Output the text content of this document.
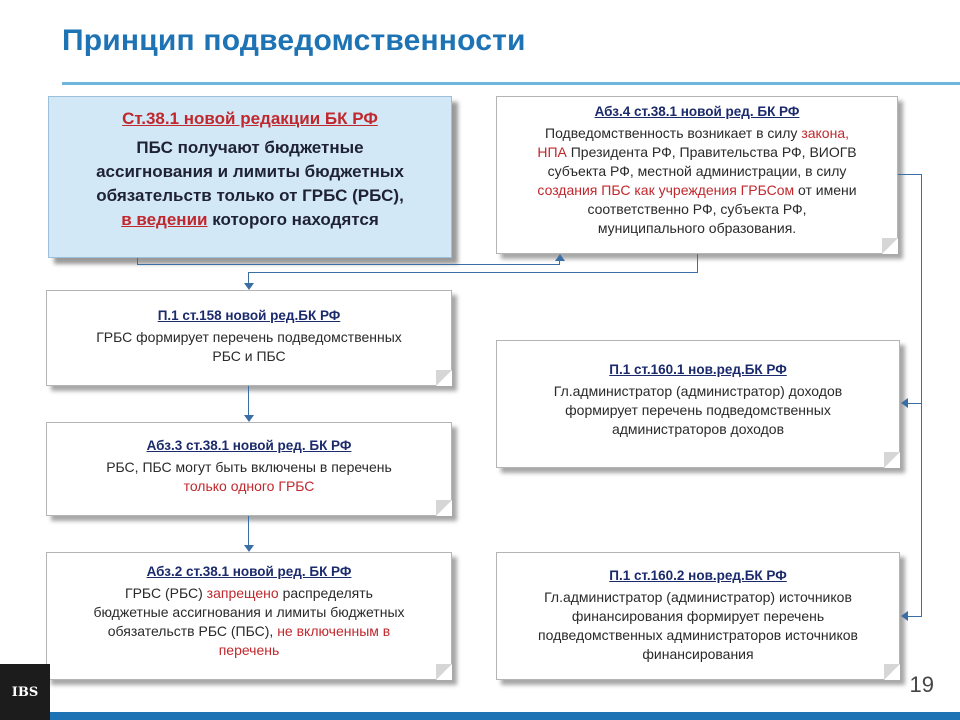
Принцип подведомственности
Ст.38.1 новой редакции БК РФ
ПБС получают бюджетные
ассигнования и лимиты бюджетных
обязательств только от ГРБС (РБС),
в ведении которого находятся
Абз.4 ст.38.1 новой ред. БК РФ
Подведомственность возникает в силу закона,
НПА Президента РФ, Правительства РФ, ВИОГВ
субъекта РФ, местной администрации, в силу
создания ПБС как учреждения ГРБСом от имени
соответственно РФ, субъекта РФ,
муниципального образования.
П.1 ст.158 новой ред.БК РФ
ГРБС формирует перечень подведомственных
РБС и ПБС
Абз.3 ст.38.1 новой ред. БК РФ
РБС, ПБС могут быть включены в перечень
только одного ГРБС
Абз.2 ст.38.1 новой ред. БК РФ
ГРБС (РБС) запрещено распределять
бюджетные ассигнования и лимиты бюджетных
обязательств РБС (ПБС), не включенным в
перечень
П.1 ст.160.1 нов.ред.БК РФ
Гл.администратор (администратор) доходов
формирует перечень подведомственных
администраторов доходов
П.1 ст.160.2 нов.ред.БК РФ
Гл.администратор (администратор) источников
финансирования формирует перечень
подведомственных администраторов источников
финансирования
IBS	19
